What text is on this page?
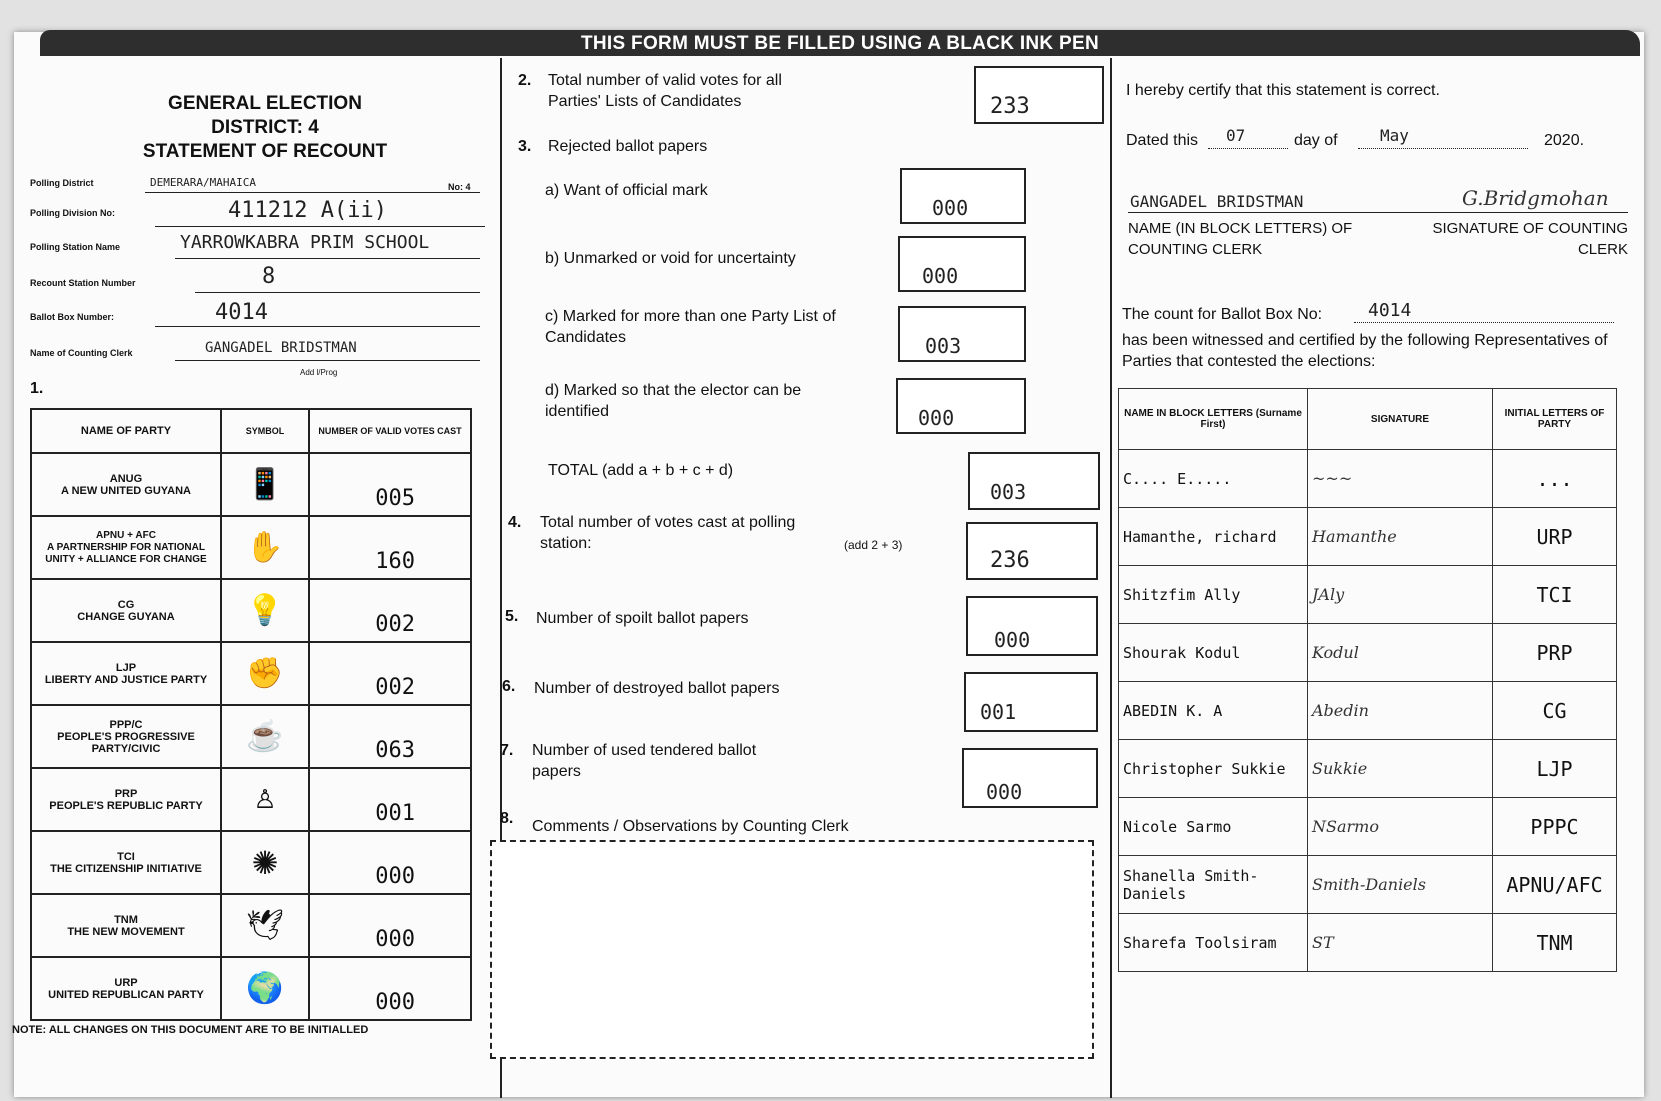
THIS FORM MUST BE FILLED USING A BLACK INK PEN
GENERAL ELECTION
DISTRICT: 4
STATEMENT OF RECOUNT
Polling District	DEMERARA/MAHAICA	No: 4
Polling Division No:	411212 A(ii)
Polling Station Name	YARROWKABRA PRIM SCHOOL
Recount Station Number	8
Ballot Box Number:	4014
Name of Counting Clerk	GANGADEL BRIDSTMAN
Add l/Prog
1.
NAME OF PARTY	SYMBOL	NUMBER OF VALID VOTES CAST
ANUG
A NEW UNITED GUYANA	📱	005

APNU + AFC
A PARTNERSHIP FOR NATIONAL UNITY + ALLIANCE FOR CHANGE	✋	160

CG
CHANGE GUYANA	💡	002

LJP
LIBERTY AND JUSTICE PARTY	✊	002

PPP/C
PEOPLE'S PROGRESSIVE PARTY/CIVIC	☕	063

PRP
PEOPLE'S REPUBLIC PARTY	♙	001

TCI
THE CITIZENSHIP INITIATIVE	✺	000

TNM
THE NEW MOVEMENT	🕊	000

URP
UNITED REPUBLICAN PARTY	🌍	000
NOTE: ALL CHANGES ON THIS DOCUMENT ARE TO BE INITIALLED
2. Total number of valid votes for all Parties' Lists of Candidates	233
3. Rejected ballot papers
a) Want of official mark
000
b) Unmarked or void for uncertainty
000
c) Marked for more than one Party List of Candidates	003
d) Marked so that the elector can be identified	000
TOTAL (add a + b + c + d)
003
4. Total number of votes cast at polling station:	(add 2 + 3)
236
5. Number of spoilt ballot papers
000
6. Number of destroyed ballot papers
001
7. Number of used tendered ballot papers
000
8. Comments / Observations by Counting Clerk
I hereby certify that this statement is correct.
Dated this 07	day of	May	2020.
GANGADEL BRIDSTMAN	G.Bridgmohan
NAME (IN BLOCK LETTERS) OF COUNTING CLERK
SIGNATURE OF COUNTING CLERK
The count for Ballot Box No:	4014
has been witnessed and certified by the following Representatives of Parties that contested the elections:
NAME IN BLOCK LETTERS (Surname First)	SIGNATURE	INITIAL LETTERS OF PARTY
C.... E.....	~~~	...
Hamanthe, richard	Hamanthe	URP
Shitzfim Ally	JAly	TCI
Shourak Kodul	Kodul	PRP
ABEDIN K. A	Abedin	CG
Christopher Sukkie	Sukkie	LJP
Nicole Sarmo	NSarmo	PPPC
Shanella Smith-Daniels	Smith-Daniels	APNU/AFC
Sharefa Toolsiram	ST	TNM
